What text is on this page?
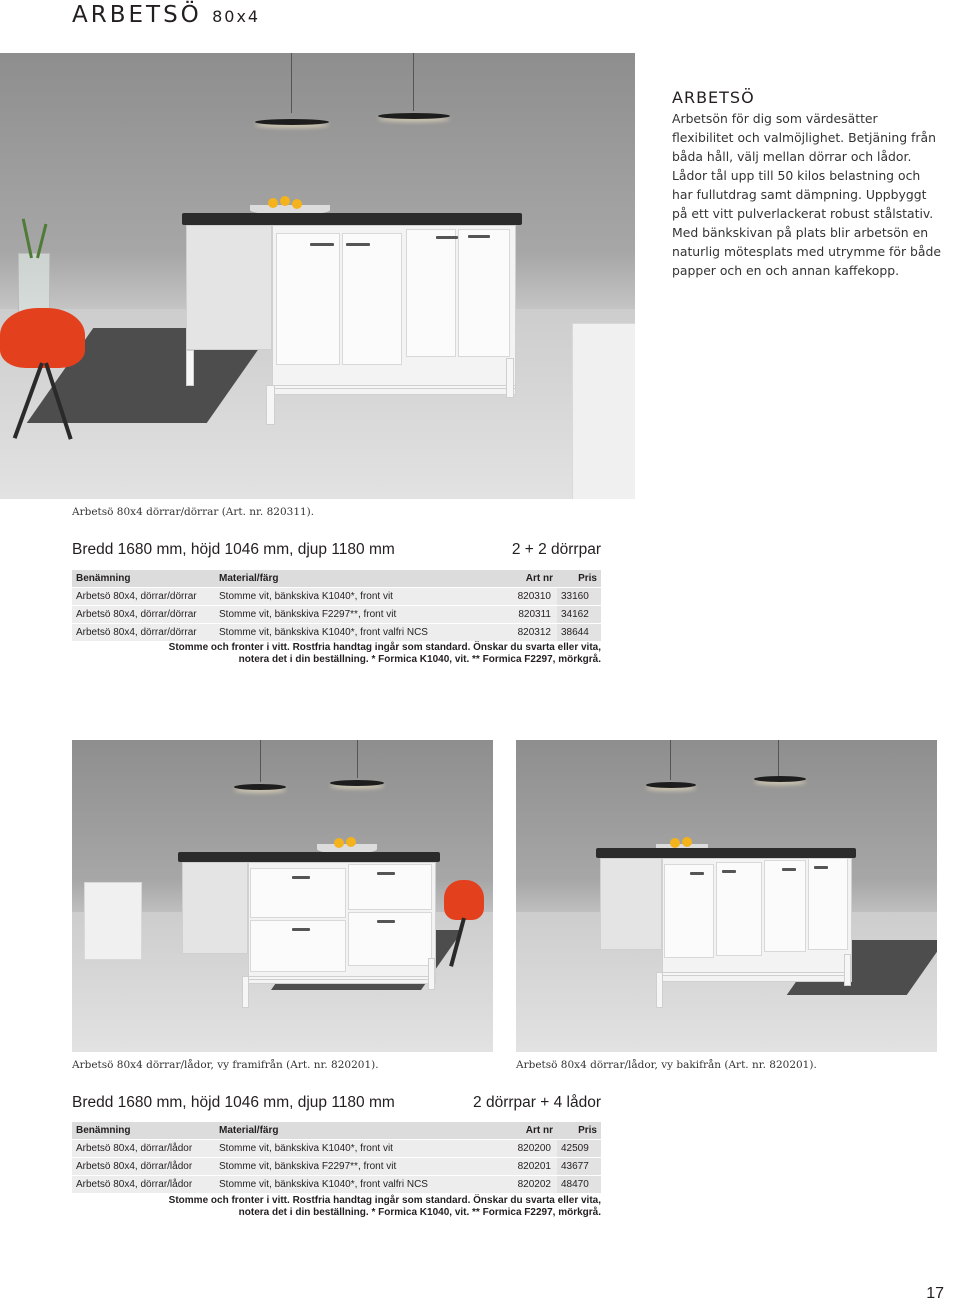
ARBETSÖ 80x4
ARBETSÖ

Arbetsön för dig som värdesätter flexibilitet och valmöjlighet. Betjäning från båda håll, välj mellan dörrar och lådor. Lådor tål upp till 50 kilos belastning och har fullutdrag samt dämpning. Uppbyggt på ett vitt pulverlackerat robust stålstativ. Med bänkskivan på plats blir arbetsön en naturlig mötesplats med utrymme för både papper och en och annan kaffekopp.

Arbetsö 80x4 dörrar/dörrar (Art. nr. 820311).
Bredd 1680 mm, höjd 1046 mm, djup 1180 mm	2 + 2 dörrpar
Benämning	Material/färg	Art nr	Pris
Arbetsö 80x4, dörrar/dörrar	Stomme vit, bänkskiva K1040*, front vit	820310	33160
Arbetsö 80x4, dörrar/dörrar	Stomme vit, bänkskiva F2297**, front vit	820311	34162
Arbetsö 80x4, dörrar/dörrar	Stomme vit, bänkskiva K1040*, front valfri NCS	820312	38644
Stomme och fronter i vitt. Rostfria handtag ingår som standard. Önskar du svarta eller vita,
notera det i din beställning. * Formica K1040, vit. ** Formica F2297, mörkgrå.
Arbetsö 80x4 dörrar/lådor, vy framifrån (Art. nr. 820201).	Arbetsö 80x4 dörrar/lådor, vy bakifrån (Art. nr. 820201).
Bredd 1680 mm, höjd 1046 mm, djup 1180 mm	2 dörrpar + 4 lådor
Benämning	Material/färg	Art nr	Pris
Arbetsö 80x4, dörrar/lådor	Stomme vit, bänkskiva K1040*, front vit	820200	42509
Arbetsö 80x4, dörrar/lådor	Stomme vit, bänkskiva F2297**, front vit	820201	43677
Arbetsö 80x4, dörrar/lådor	Stomme vit, bänkskiva K1040*, front valfri NCS	820202	48470
Stomme och fronter i vitt. Rostfria handtag ingår som standard. Önskar du svarta eller vita,
notera det i din beställning. * Formica K1040, vit. ** Formica F2297, mörkgrå.
17
